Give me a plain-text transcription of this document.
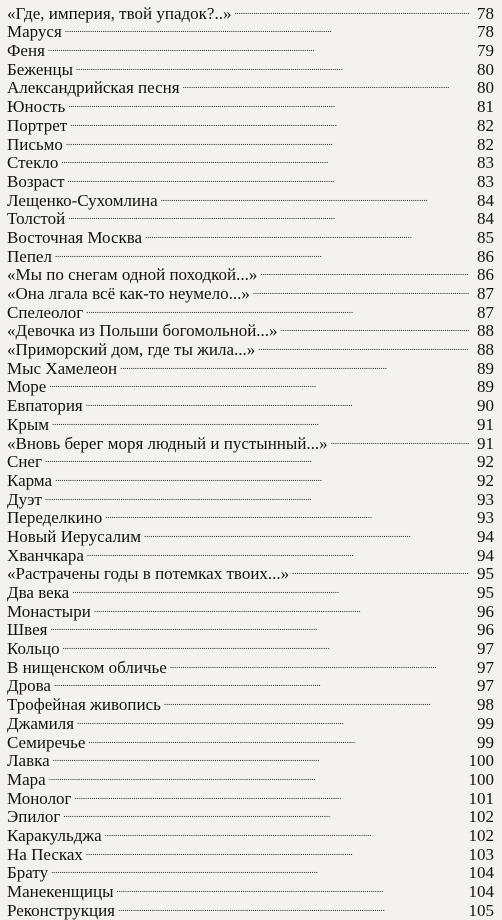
«Где, империя, твой упадок?..» . . .	78
Маруся . . .	78
Феня . . .	79
Беженцы . . .	80
Александрийская песня . . .	80
Юность . . .	81
Портрет . . .	82
Письмо . . .	82
Стекло . . .	83
Возраст . . .	83
Лещенко-Сухомлина . . .	84
Толстой . . .	84
Восточная Москва . . .	85
Пепел . . .	86
«Мы по снегам одной походкой...» . . .	86
«Она лгала всё как-то неумело...» . . .	87
Спелеолог . . .	87
«Девочка из Польши богомольной...» . . .	88
«Приморский дом, где ты жила...» . . .	88
Мыс Хамелеон . . .	89
Море . . .	89
Евпатория . . .	90
Крым . . .	91
«Вновь берег моря людный и пустынный...» . . .	91
Снег . . .	92
Карма . . .	92
Дуэт . . .	93
Переделкино . . .	93
Новый Иерусалим . . .	94
Хванчкара . . .	94
«Растрачены годы в потемках твоих...» . . .	95
Два века . . .	95
Монастыри . . .	96
Швея . . .	96
Кольцо . . .	97
В нищенском обличье . . .	97
Дрова . . .	97
Трофейная живопись . . .	98
Джамиля . . .	99
Семиречье . . .	99
Лавка . . .	100
Мара . . .	100
Монолог . . .	101
Эпилог . . .	102
Каракульджа . . .	102
На Песках . . .	103
Брату . . .	104
Манекенщицы . . .	104
Реконструкция . . .	105
